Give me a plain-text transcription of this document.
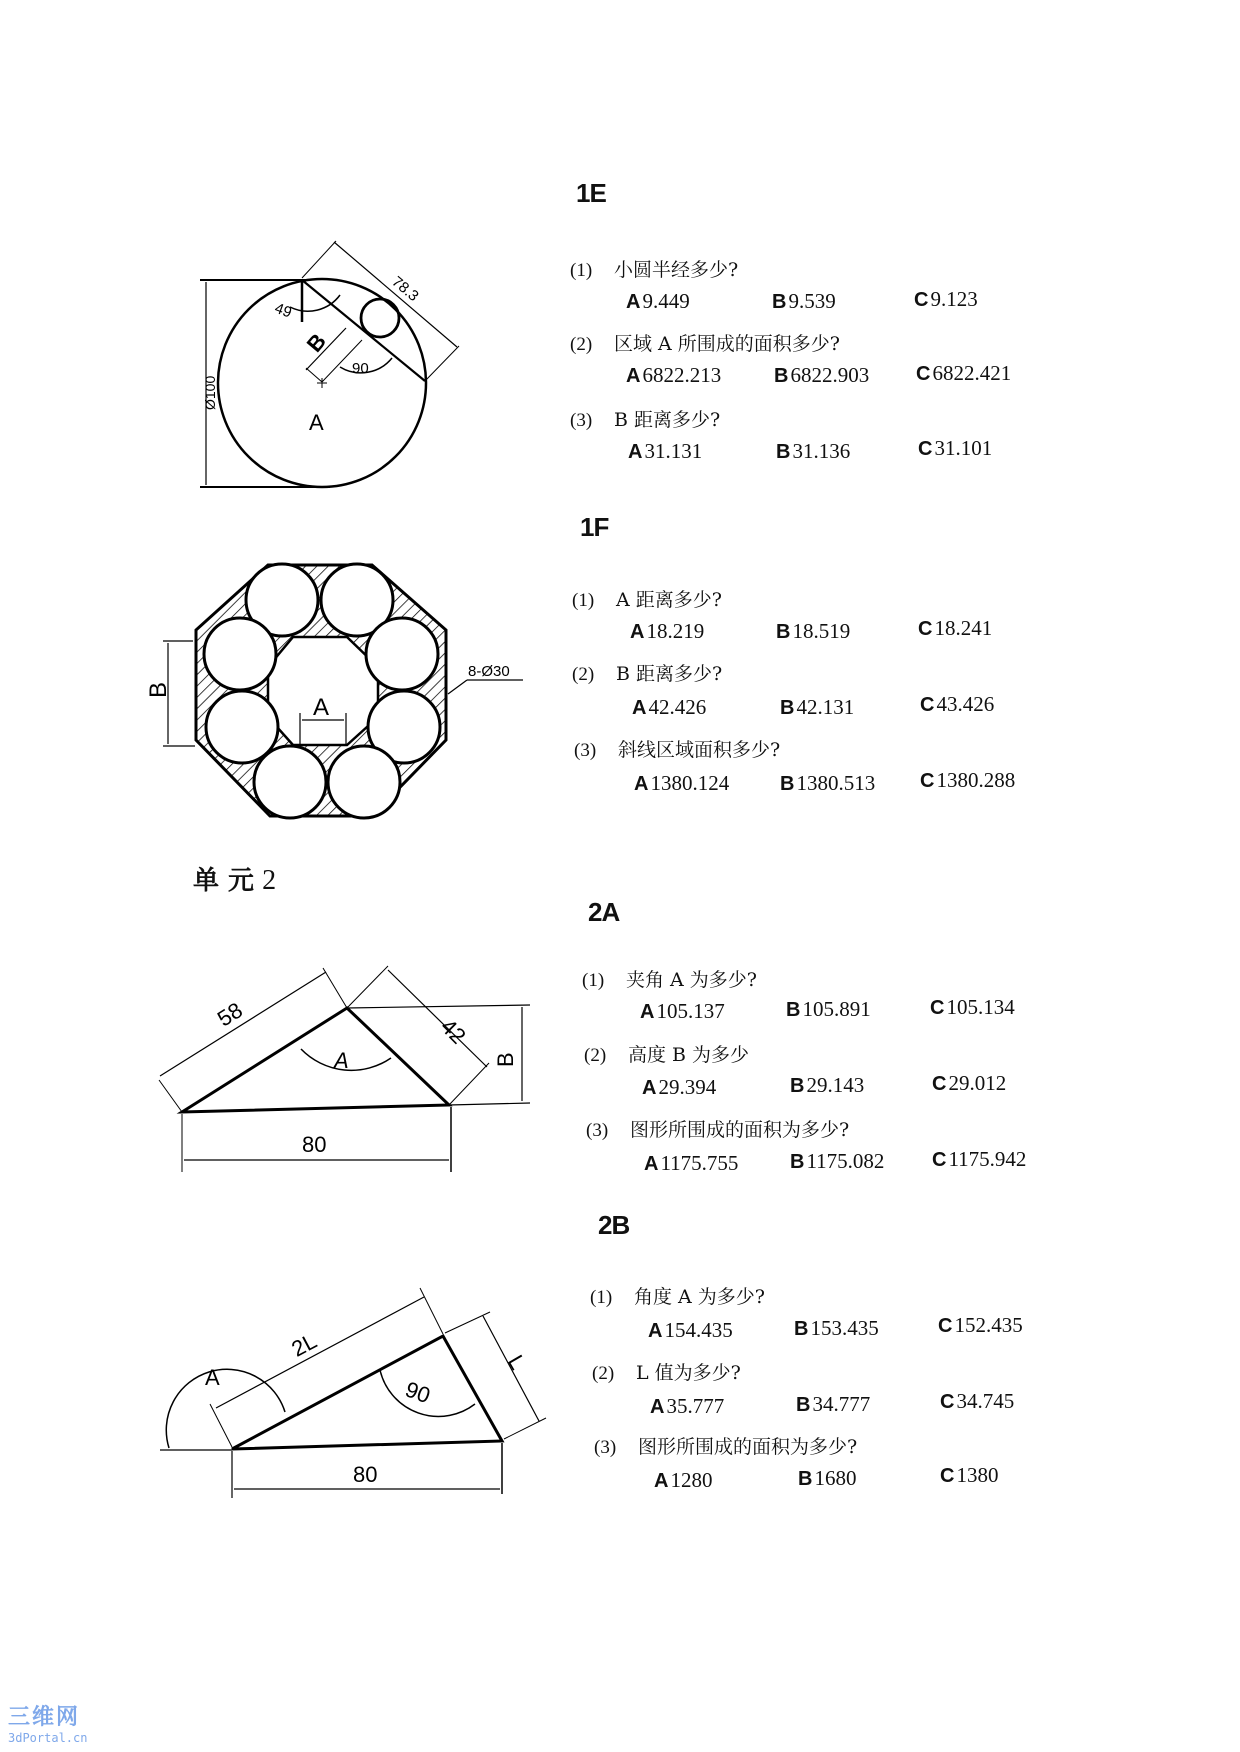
49
90
B
A
78.3
Ø100
A
B
8-Ø30
58	42
80
A	B
2L
L
90
80
A
单 元 2
1E
(1) 小圆半经多少?
A9.449	B9.539	C9.123
(2) 区域 A 所围成的面积多少?
A6822.213	B6822.903 C6822.421
(3) B 距离多少?
A31.131	B31.136	C31.101
1F
(1) A 距离多少?
A18.219	B18.519	C18.241
(2) B 距离多少?
A42.426	B42.131	C43.426
(3) 斜线区域面积多少?
A1380.124	B1380.513 C1380.288
2A
(1) 夹角 A 为多少?
A105.137	B105.891	C105.134
(2) 高度 B 为多少
A29.394	B29.143	C29.012
(3) 图形所围成的面积为多少?
A1175.755	B1175.082 C1175.942
2B
(1) 角度 A 为多少?
A154.435	B153.435	C152.435
(2) L 值为多少?
A35.777	B34.777	C34.745
(3) 图形所围成的面积为多少?
A1280	B1680	C1380
三维网
3dPortal.cn
